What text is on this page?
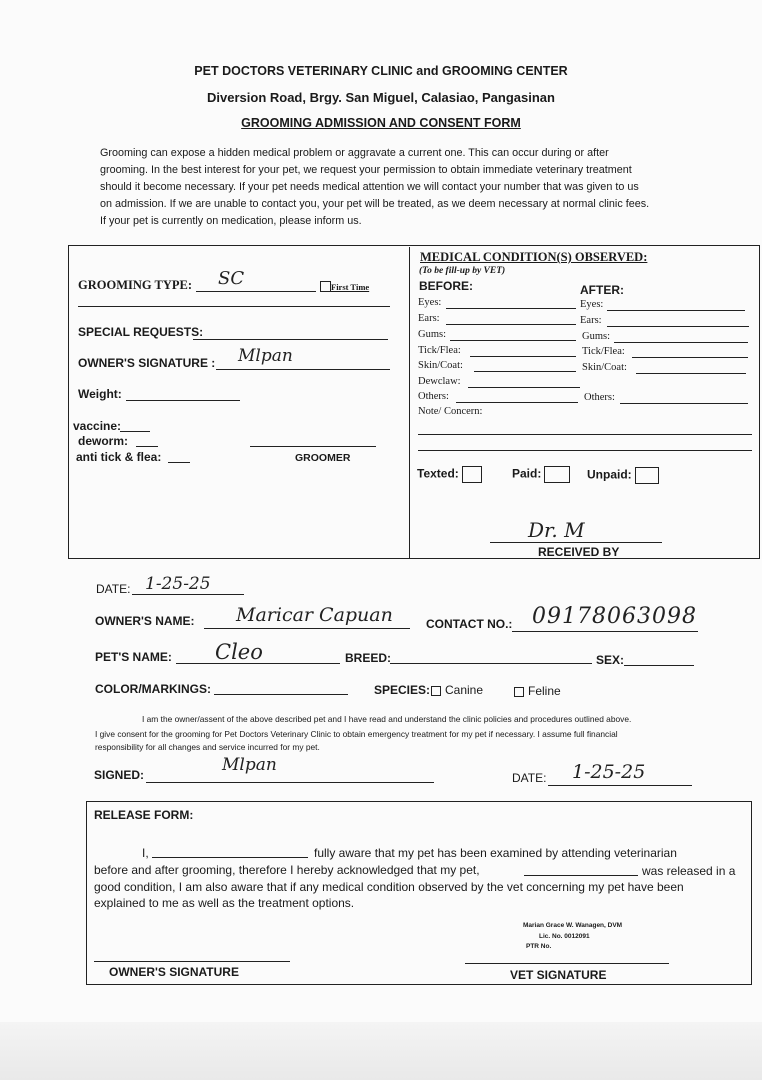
PET DOCTORS VETERINARY CLINIC and GROOMING CENTER
Diversion Road, Brgy. San Miguel, Calasiao, Pangasinan
GROOMING ADMISSION AND CONSENT FORM
Grooming can expose a hidden medical problem or aggravate a current one. This can occur during or after
grooming. In the best interest for your pet, we request your permission to obtain immediate veterinary treatment
should it become necessary. If your pet needs medical attention we will contact your number that was given to us
on admission. If we are unable to contact you, your pet will be treated, as we deem necessary at normal clinic fees.
If your pet is currently on medication, please inform us.
GROOMING TYPE: SC	First Time
SPECIAL REQUESTS:
OWNER'S SIGNATURE : Mlpan
Weight:
vaccine:
deworm:
anti tick & flea:	GROOMER
MEDICAL CONDITION(S) OBSERVED:
(To be fill-up by VET)
BEFORE:	AFTER:
Eyes:
Ears:
Gums:
Tick/Flea:
Skin/Coat:
Dewclaw:
Others:
Eyes:
Ears:
Gums:
Tick/Flea:
Skin/Coat:
Others:
Note/ Concern:
Texted:	Paid:	Unpaid:
Dr. M
RECEIVED BY
DATE: 1-25-25
OWNER'S NAME: Maricar Capuan	CONTACT NO.: 09178063098
PET'S NAME: Cleo	BREED:	SEX:
COLOR/MARKINGS:	SPECIES:	Canine	Feline
I am the owner/assent of the above described pet and I have read and understand the clinic policies and procedures outlined above.
I give consent for the grooming for Pet Doctors Veterinary Clinic to obtain emergency treatment for my pet if necessary. I assume full financial
responsibility for all changes and service incurred for my pet.
SIGNED:	Mlpan
DATE: 1-25-25
RELEASE FORM:
I,	fully aware that my pet has been examined by attending veterinarian
before and after grooming, therefore I hereby acknowledged that my pet,	was released in a
good condition, I am also aware that if any medical condition observed by the vet concerning my pet have been
explained to me as well as the treatment options.
Marian Grace W. Wanagen, DVM
Lic. No. 0012091
PTR No.
OWNER'S SIGNATURE	VET SIGNATURE
